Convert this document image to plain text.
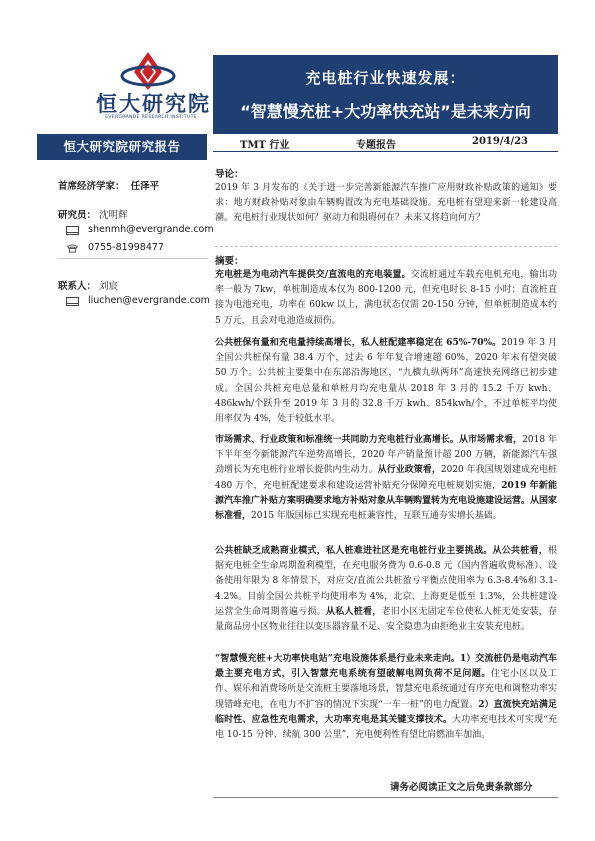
恒大研究院
EVERGRANDE RESEARCH INSTITUTE
充电桩行业快速发展：
“智慧慢充桩+大功率快充站”是未来方向
恒大研究院研究报告	TMT 行业	专题报告	2019/4/23
首席经济学家： 任泽平
研究员： 沈明辉
shenmh@evergrande.com
0755-81998477
联系人： 刘宸
liuchen@evergrande.com
导论：
2019 年 3 月发布的《关于进一步完善新能源汽车推广应用财政补贴政策的通知》要求：地方财政补贴对象由车辆购置改为充电基础设施。充电桩有望迎来新一轮建设高潮。充电桩行业现状如何？驱动力和阻碍何在？未来又将趋向何方？
摘要：
充电桩是为电动汽车提供交/直流电的充电装置。交流桩通过车载充电机充电，输出功率一般为 7kw，单桩制造成本仅为 800-1200 元，但充电时长 8-15 小时；直流桩直接为电池充电，功率在 60kw 以上，满电状态仅需 20-150 分钟，但单桩制造成本约 5 万元，且会对电池造成损伤。
公共桩保有量和充电量持续高增长，私人桩配建率稳定在 65%-70%。2019 年 3 月全国公共桩保有量 38.4 万个，过去 6 年年复合增速超 60%，2020 年末有望突破 50 万个。公共桩主要集中在东部沿海地区，“九横九纵两环”高速快充网络已初步建成。全国公共桩充电总量和单桩月均充电量从 2018 年 3 月的 15.2 千万 kwh、486kwh/个跃升至 2019 年 3 月的 32.8 千万 kwh、854kwh/个，不过单桩平均使用率仅为 4%，处于较低水平。
市场需求、行业政策和标准统一共同助力充电桩行业高增长。从市场需求看，2018 年下半年至今新能源汽车逆势高增长，2020 年产销量预计超 200 万辆，新能源汽车强劲增长为充电桩行业增长提供内生动力。从行业政策看，2020 年我国规划建成充电桩 480 万个，充电桩配建要求和建设运营补贴充分保障充电桩规划实施，2019 年新能源汽车推广补贴方案明确要求地方补贴对象从车辆购置转为充电设施建设运营。从国家标准看，2015 年版国标已实现充电桩兼容性，互联互通夯实增长基础。
公共桩缺乏成熟商业模式，私人桩难进社区是充电桩行业主要挑战。从公共桩看，根据充电桩全生命周期盈利模型，在充电服务费为 0.6-0.8 元（国内普遍收费标准）、设备使用年限为 8 年情景下，对应交/直流公共桩盈亏平衡点使用率为 6.3-8.4%和 3.1-4.2%。目前全国公共桩平均使用率为 4%，北京、上海更是低至 1.3%，公共桩建设运营全生命周期普遍亏损。从私人桩看，老旧小区无固定车位使私人桩无处安装，存量商品房小区物业往往以变压器容量不足、安全隐患为由拒绝业主安装充电桩。
“智慧慢充桩+大功率快电站”充电设施体系是行业未来走向。1）交流桩仍是电动汽车最主要充电方式，引入智慧充电系统有望破解电网负荷不足问题。住宅小区以及工作、娱乐和消费场所是交流桩主要落地场景，智慧充电系统通过有序充电和调整功率实现错峰充电，在电力不扩容的情况下实现“一车一桩”的电力配置。2）直流快充站满足临时性、应急性充电需求，大功率充电是其关键支撑技术。大功率充电技术可实现“充电 10-15 分钟、续航 300 公里”，充电便利性有望比肩燃油车加油。
请务必阅读正文之后免责条款部分
